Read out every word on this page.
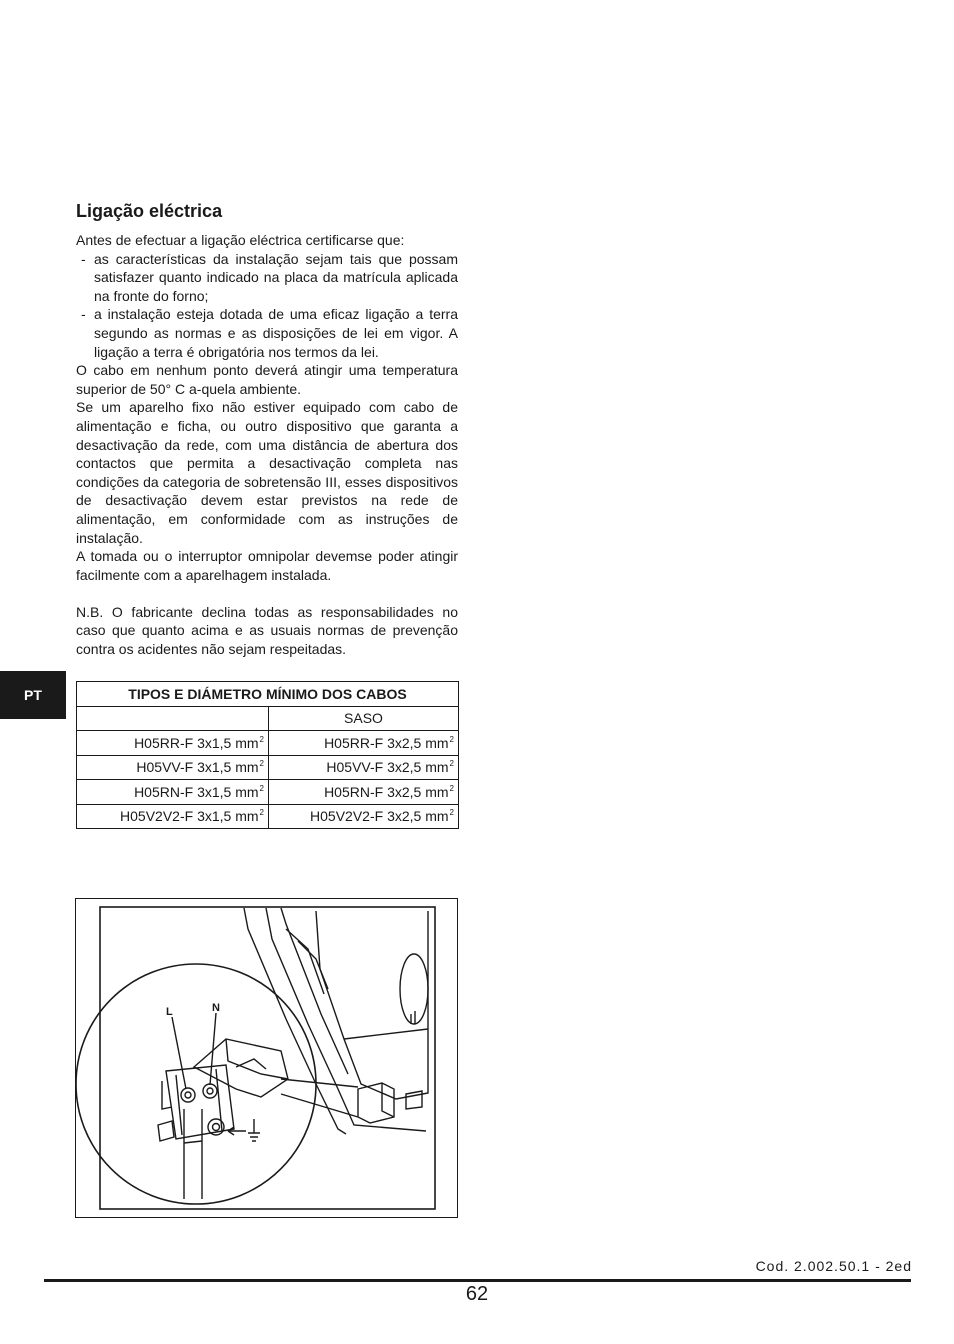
Ligação eléctrica

Antes de efectuar a ligação eléctrica certificarse que:

- as características da instalação sejam tais que possam satisfazer quanto indicado na placa da matrícula aplicada na fronte do forno;

- a instalação esteja dotada de uma eficaz ligação a terra segundo as normas e as disposições de lei em vigor. A ligação a terra é obrigatória nos termos da lei.

O cabo em nenhum ponto deverá atingir uma temperatura superior de 50° C a-quela ambiente.

Se um aparelho fixo não estiver equipado com cabo de alimentação e ficha, ou outro dispositivo que garanta a desactivação da rede, com uma distância de abertura dos contactos que permita a desactivação completa nas condições da categoria de sobretensão III, esses dispositivos de desactivação devem estar previstos na rede de alimentação, em conformidade com as instruções de instalação.

A tomada ou o interruptor omnipolar devemse poder atingir facilmente com a aparelhagem instalada.

N.B. O fabricante declina todas as responsabilidades no caso que quanto acima e as usuais normas de prevenção contra os acidentes não sejam respeitadas.

PT	TIPOS E DIÁMETRO MÍNIMO DOS CABOS	
	SASO
H05RR-F 3x1,5 $mm^2$	H05RR-F 3x2,5 $mm^2$
H05VV-F 3x1,5 $mm^2$	H05VV-F 3x2,5 $mm^2$
H05RN-F 3x1,5 $mm^2$	H05RN-F 3x2,5 $mm^2$
H05V2V2-F 3x1,5 $mm^2$	H05V2V2-F 3x2,5 $mm^2$
L	N
Cod. 2.002.50.1 - 2ed
62
